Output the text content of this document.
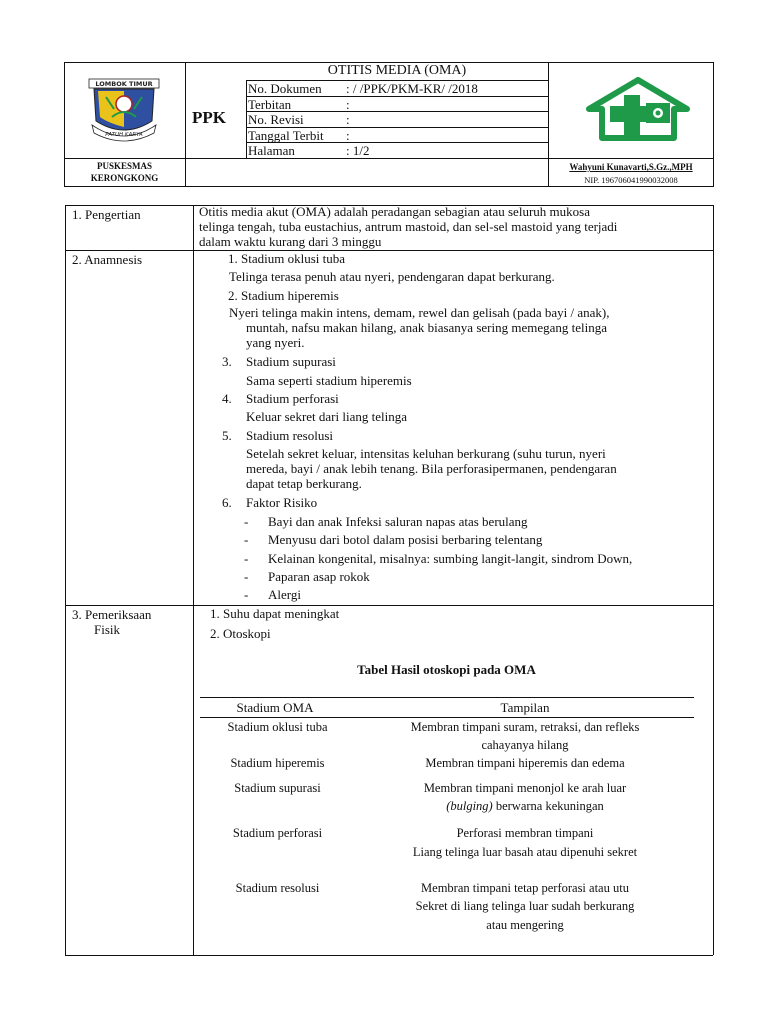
OTITIS MEDIA (OMA)
PPK
No. Dokumen : / /PPK/PKM-KR/ /2018
Terbitan	:
No. Revisi	:
Tanggal Terbit :
Halaman	: 1/2
LOMBOK TIMUR
PATUH KARYA
PUSKESMAS
KERONGKONG
Wahyuni Kunavarti,S.Gz.,MPH
NIP. 196706041990032008
1. Pengertian	Otitis media akut (OMA) adalah peradangan sebagian atau seluruh mukosa
telinga tengah, tuba eustachius, antrum mastoid, dan sel-sel mastoid yang terjadi
dalam waktu kurang dari 3 minggu
2. Anamnesis	1. Stadium oklusi tuba
Telinga terasa penuh atau nyeri, pendengaran dapat berkurang.
2. Stadium hiperemis
Nyeri telinga makin intens, demam, rewel dan gelisah (pada bayi / anak),
muntah, nafsu makan hilang, anak biasanya sering memegang telinga
yang nyeri.
3. Stadium supurasi
Sama seperti stadium hiperemis
4. Stadium perforasi
Keluar sekret dari liang telinga
5. Stadium resolusi
Setelah sekret keluar, intensitas keluhan berkurang (suhu turun, nyeri
mereda, bayi / anak lebih tenang. Bila perforasipermanen, pendengaran
dapat tetap berkurang.
6. Faktor Risiko
- Bayi dan anak Infeksi saluran napas atas berulang
- Menyusu dari botol dalam posisi berbaring telentang
- Kelainan kongenital, misalnya: sumbing langit-langit, sindrom Down,
- Paparan asap rokok
- Alergi
3. Pemeriksaan
Fisik
1. Suhu dapat meningkat
2. Otoskopi
Tabel Hasil otoskopi pada OMA
Stadium OMA	Tampilan
Stadium oklusi tuba	Membran timpani suram, retraksi, dan refleks
cahayanya hilang
Stadium hiperemis	Membran timpani hiperemis dan edema
Stadium supurasi	Membran timpani menonjol ke arah luar
(bulging) berwarna kekuningan
Stadium perforasi	Perforasi membran timpani
Liang telinga luar basah atau dipenuhi sekret
Stadium resolusi	Membran timpani tetap perforasi atau utu
Sekret di liang telinga luar sudah berkurang
atau mengering
